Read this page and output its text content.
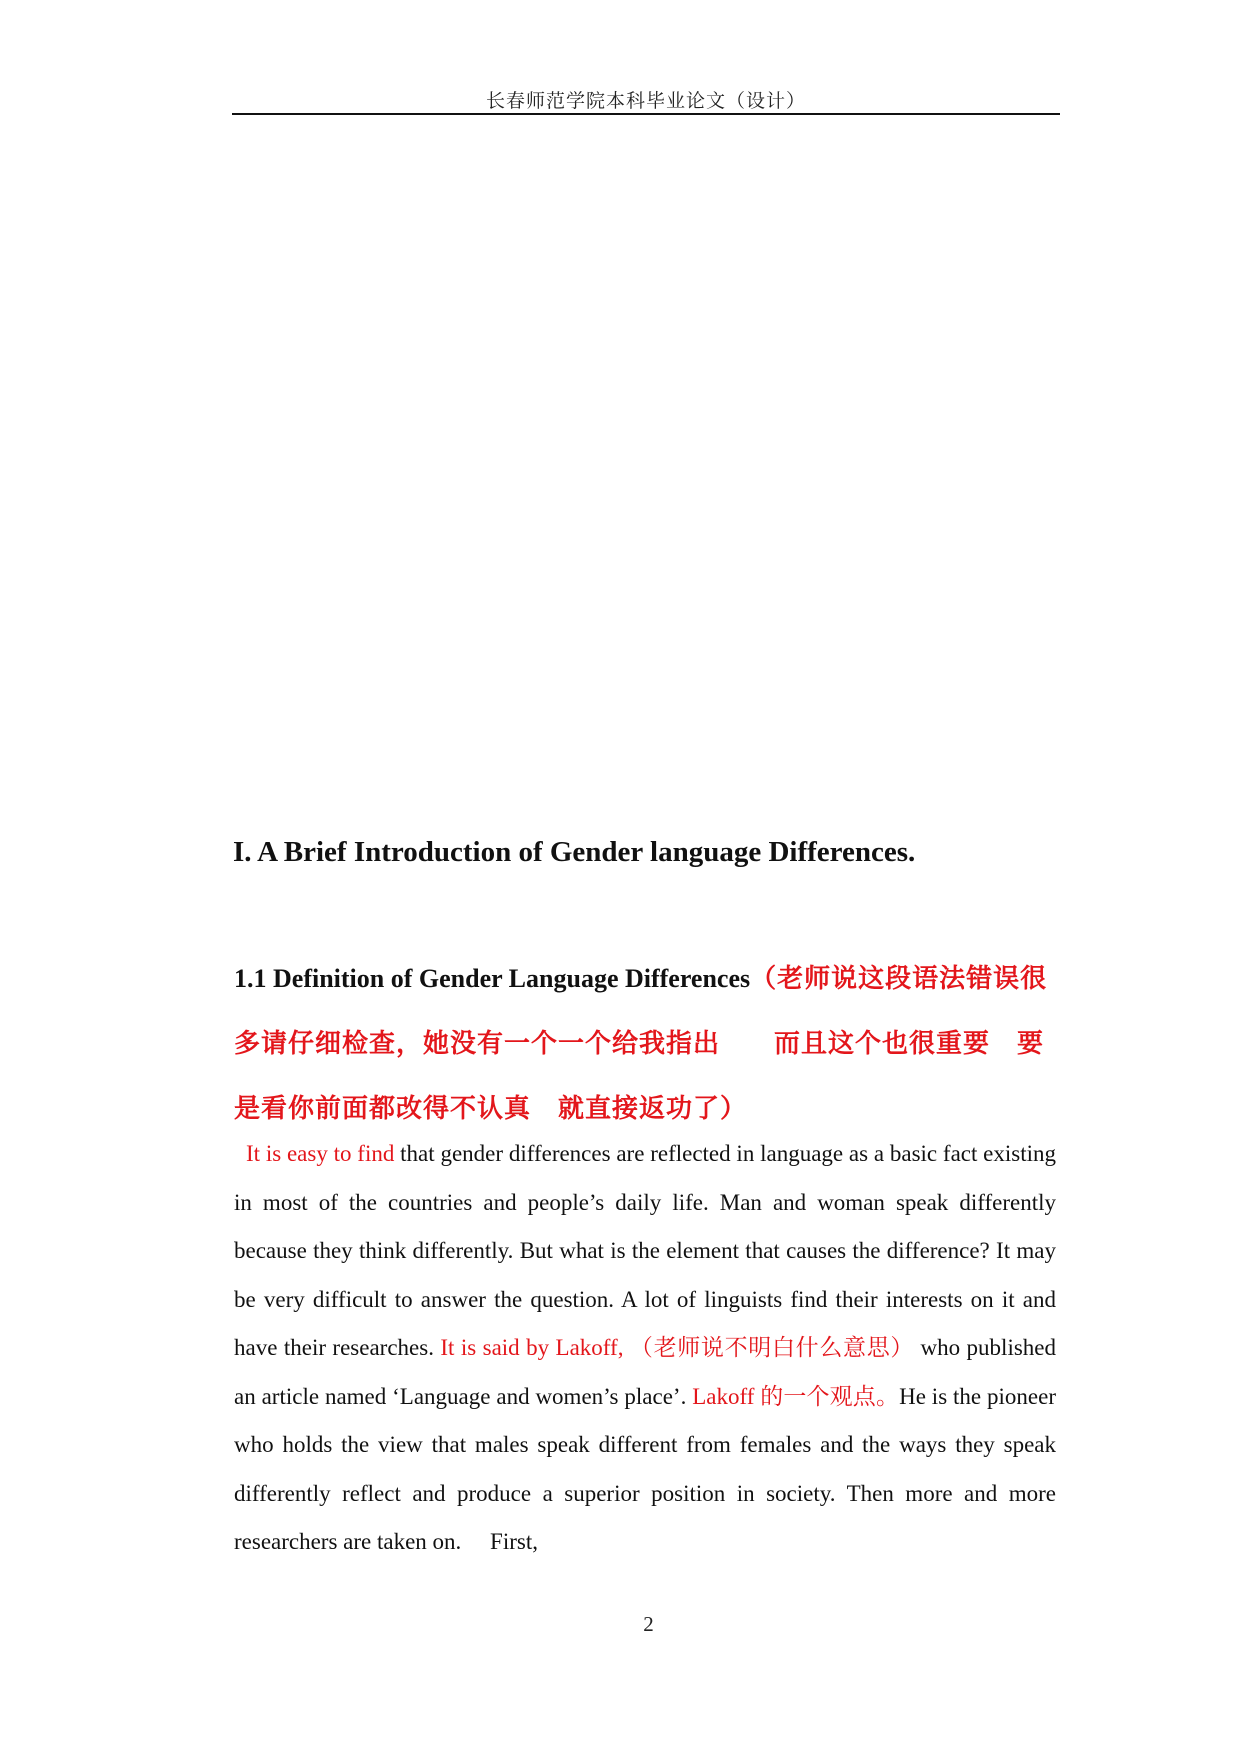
长春师范学院本科毕业论文（设计）
I. A Brief Introduction of Gender language Differences.
1.1 Definition of Gender Language Differences（老师说这段语法错误很多请仔细检查，她没有一个一个给我指出　　而且这个也很重要　要是看你前面都改得不认真　就直接返功了）

It is easy to find that gender differences are reflected in language as a basic fact existing in most of the countries and people’s daily life. Man and woman speak differently because they think differently. But what is the element that causes the difference? It may be very difficult to answer the question. A lot of linguists find their interests on it and have their researches. It is said by Lakoff, （老师说不明白什么意思） who published an article named ‘Language and women’s place’. Lakoff 的一个观点。He is the pioneer who holds the view that males speak different from females and the ways they speak differently reflect and produce a superior position in society. Then more and more researchers are taken on.　 First,

2
